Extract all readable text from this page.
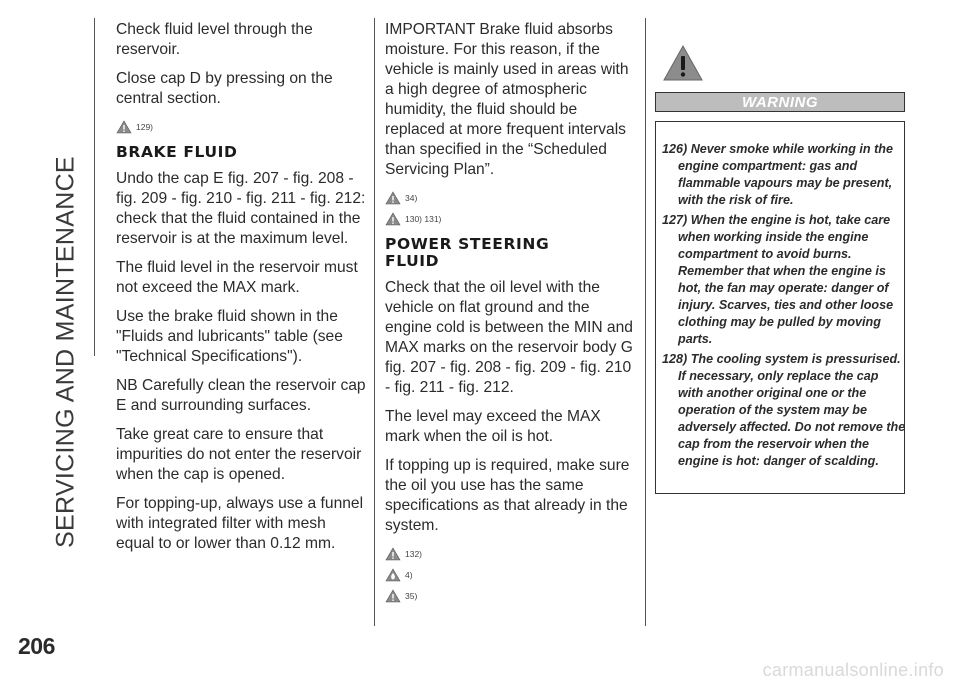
SERVICING AND MAINTENANCE

Check fluid level through the reservoir.

Close cap D by pressing on the central section.

129)
BRAKE FLUID

Undo the cap E fig. 207 - fig. 208 - fig. 209 - fig. 210 - fig. 211 - fig. 212: check that the fluid contained in the reservoir is at the maximum level.

The fluid level in the reservoir must not exceed the MAX mark.

Use the brake fluid shown in the "Fluids and lubricants" table (see "Technical Specifications").

NB Carefully clean the reservoir cap E and surrounding surfaces.

Take great care to ensure that impurities do not enter the reservoir when the cap is opened.

For topping-up, always use a funnel with integrated filter with mesh equal to or lower than 0.12 mm.

IMPORTANT Brake fluid absorbs moisture. For this reason, if the vehicle is mainly used in areas with a high degree of atmospheric humidity, the fluid should be replaced at more frequent intervals than specified in the “Scheduled Servicing Plan”.

34)
130) 131)
POWER STEERING FLUID

Check that the oil level with the vehicle on flat ground and the engine cold is between the MIN and MAX marks on the reservoir body G fig. 207 - fig. 208 - fig. 209 - fig. 210 - fig. 211 - fig. 212.

The level may exceed the MAX mark when the oil is hot.

If topping up is required, make sure the oil you use has the same specifications as that already in the system.

132)
4)
35)
WARNING
126) Never smoke while working in the engine compartment: gas and flammable vapours may be present, with the risk of fire.
127) When the engine is hot, take care when working inside the engine compartment to avoid burns. Remember that when the engine is hot, the fan may operate: danger of injury. Scarves, ties and other loose clothing may be pulled by moving parts.
128) The cooling system is pressurised. If necessary, only replace the cap with another original one or the operation of the system may be adversely affected. Do not remove the cap from the reservoir when the engine is hot: danger of scalding.
206
carmanualsonline.info
